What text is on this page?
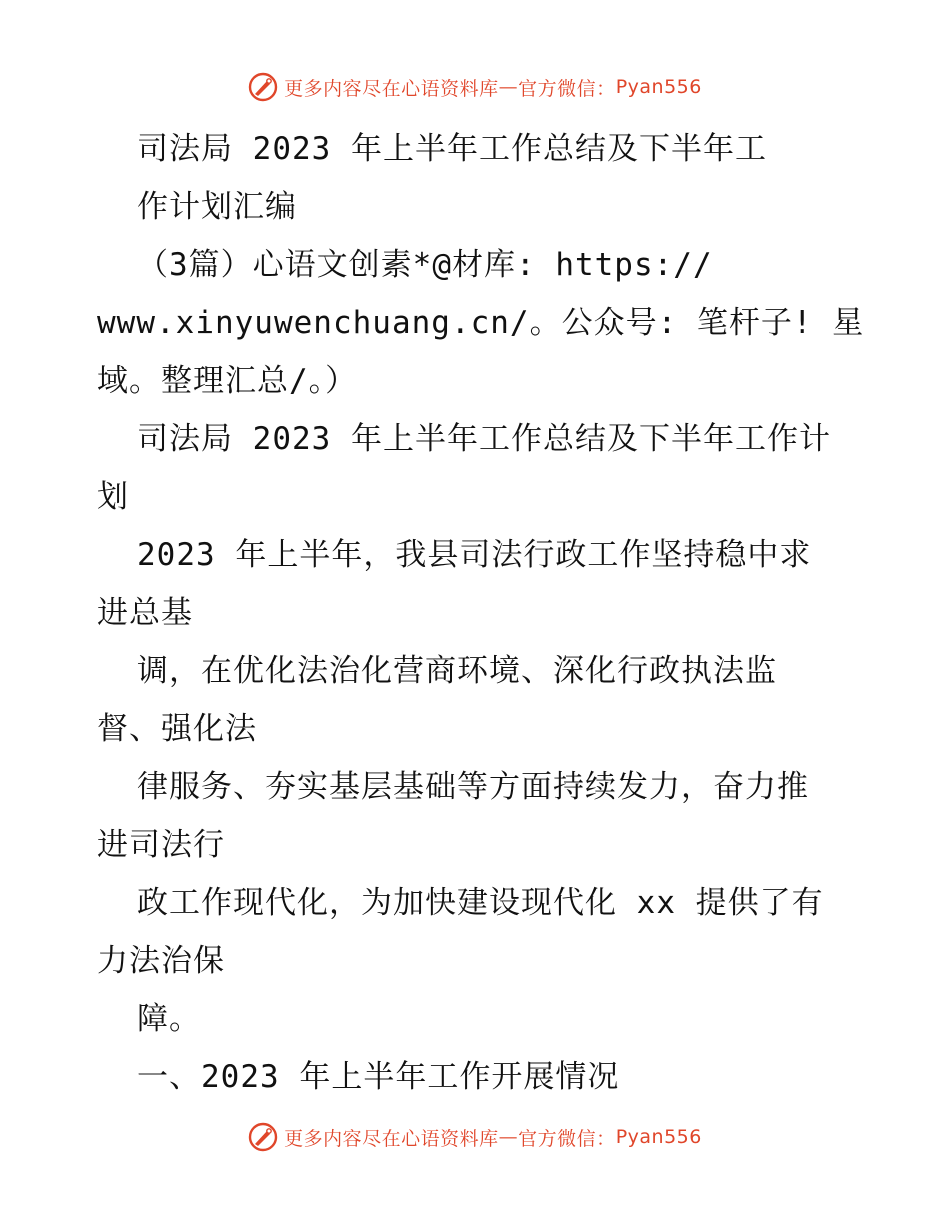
更多内容尽在心语资料库 — 官方微信： Pyan556
司法局 2023 年上半年工作总结及下半年工
作计划汇编
（3篇）心语文创素*@材库: https://
www.xinyuwenchuang.cn/。公众号: 笔杆子! 星
域。整理汇总/。）
司法局 2023 年上半年工作总结及下半年工作计
划
2023 年上半年，我县司法行政工作坚持稳中求
进总基
调，在优化法治化营商环境、深化行政执法监
督、强化法
律服务、夯实基层基础等方面持续发力，奋力推
进司法行
政工作现代化，为加快建设现代化 xx 提供了有
力法治保
障。
一、2023 年上半年工作开展情况
更多内容尽在心语资料库 — 官方微信： Pyan556
